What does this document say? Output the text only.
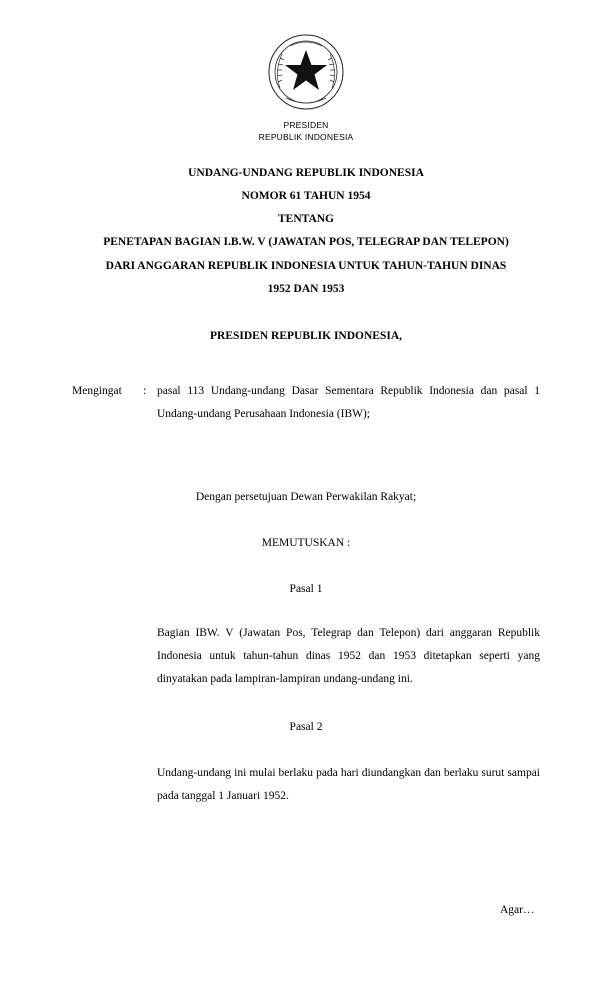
PRESIDEN
REPUBLIK INDONESIA
UNDANG-UNDANG REPUBLIK INDONESIA
NOMOR 61 TAHUN 1954
TENTANG
PENETAPAN BAGIAN I.B.W. V (JAWATAN POS, TELEGRAP DAN TELEPON)
DARI ANGGARAN REPUBLIK INDONESIA UNTUK TAHUN-TAHUN DINAS
1952 DAN 1953
PRESIDEN REPUBLIK INDONESIA,
Mengingat : pasal 113 Undang-undang Dasar Sementara Republik Indonesia dan pasal 1 Undang-undang Perusahaan Indonesia (IBW);
Dengan persetujuan Dewan Perwakilan Rakyat;
MEMUTUSKAN :
Pasal 1
Bagian IBW. V (Jawatan Pos, Telegrap dan Telepon) dari anggaran Republik Indonesia untuk tahun-tahun dinas 1952 dan 1953 ditetapkan seperti yang dinyatakan pada lampiran-lampiran undang-undang ini.
Pasal 2
Undang-undang ini mulai berlaku pada hari diundangkan dan berlaku surut sampai pada tanggal 1 Januari 1952.
Agar…
